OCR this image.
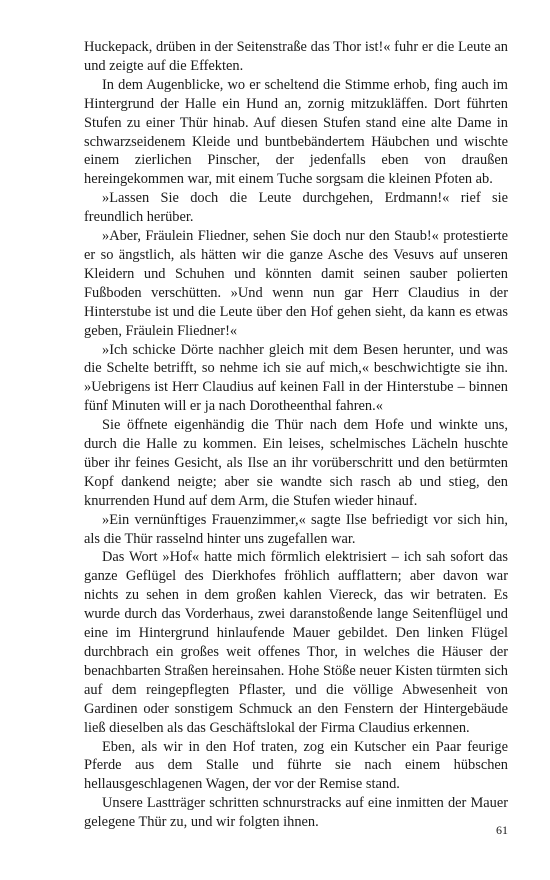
Huckepack, drüben in der Seitenstraße das Thor ist!« fuhr er die Leute an und zeigte auf die Effekten.

In dem Augenblicke, wo er scheltend die Stimme erhob, fing auch im Hintergrund der Halle ein Hund an, zornig mitzukläffen. Dort führten Stufen zu einer Thür hinab. Auf diesen Stufen stand eine alte Dame in schwarzseidenem Kleide und buntbebändertem Häubchen und wischte einem zierlichen Pinscher, der jedenfalls eben von draußen hereingekommen war, mit einem Tuche sorgsam die kleinen Pfoten ab.

»Lassen Sie doch die Leute durchgehen, Erdmann!« rief sie freundlich herüber.

»Aber, Fräulein Fliedner, sehen Sie doch nur den Staub!« protestierte er so ängstlich, als hätten wir die ganze Asche des Vesuvs auf unseren Kleidern und Schuhen und könnten damit seinen sauber polierten Fußboden verschütten. »Und wenn nun gar Herr Claudius in der Hinterstube ist und die Leute über den Hof gehen sieht, da kann es etwas geben, Fräulein Fliedner!«

»Ich schicke Dörte nachher gleich mit dem Besen herunter, und was die Schelte betrifft, so nehme ich sie auf mich,« beschwichtigte sie ihn. »Uebrigens ist Herr Claudius auf keinen Fall in der Hinterstube – binnen fünf Minuten will er ja nach Dorotheenthal fahren.«

Sie öffnete eigenhändig die Thür nach dem Hofe und winkte uns, durch die Halle zu kommen. Ein leises, schelmisches Lächeln huschte über ihr feines Gesicht, als Ilse an ihr vorüberschritt und den betürmten Kopf dankend neigte; aber sie wandte sich rasch ab und stieg, den knurrenden Hund auf dem Arm, die Stufen wieder hinauf.

»Ein vernünftiges Frauenzimmer,« sagte Ilse befriedigt vor sich hin, als die Thür rasselnd hinter uns zugefallen war.

Das Wort »Hof« hatte mich förmlich elektrisiert – ich sah sofort das ganze Geflügel des Dierkhofes fröhlich aufflattern; aber davon war nichts zu sehen in dem großen kahlen Viereck, das wir betraten. Es wurde durch das Vorderhaus, zwei daranstoßende lange Seitenflügel und eine im Hintergrund hinlaufende Mauer gebildet. Den linken Flügel durchbrach ein großes weit offenes Thor, in welches die Häuser der benachbarten Straßen hereinsahen. Hohe Stöße neuer Kisten türmten sich auf dem reingepflegten Pflaster, und die völlige Abwesenheit von Gardinen oder sonstigem Schmuck an den Fenstern der Hintergebäude ließ dieselben als das Geschäftslokal der Firma Claudius erkennen.

Eben, als wir in den Hof traten, zog ein Kutscher ein Paar feurige Pferde aus dem Stalle und führte sie nach einem hübschen hellausgeschlagenen Wagen, der vor der Remise stand.

Unsere Lastträger schritten schnurstracks auf eine inmitten der Mauer gelegene Thür zu, und wir folgten ihnen.	61
